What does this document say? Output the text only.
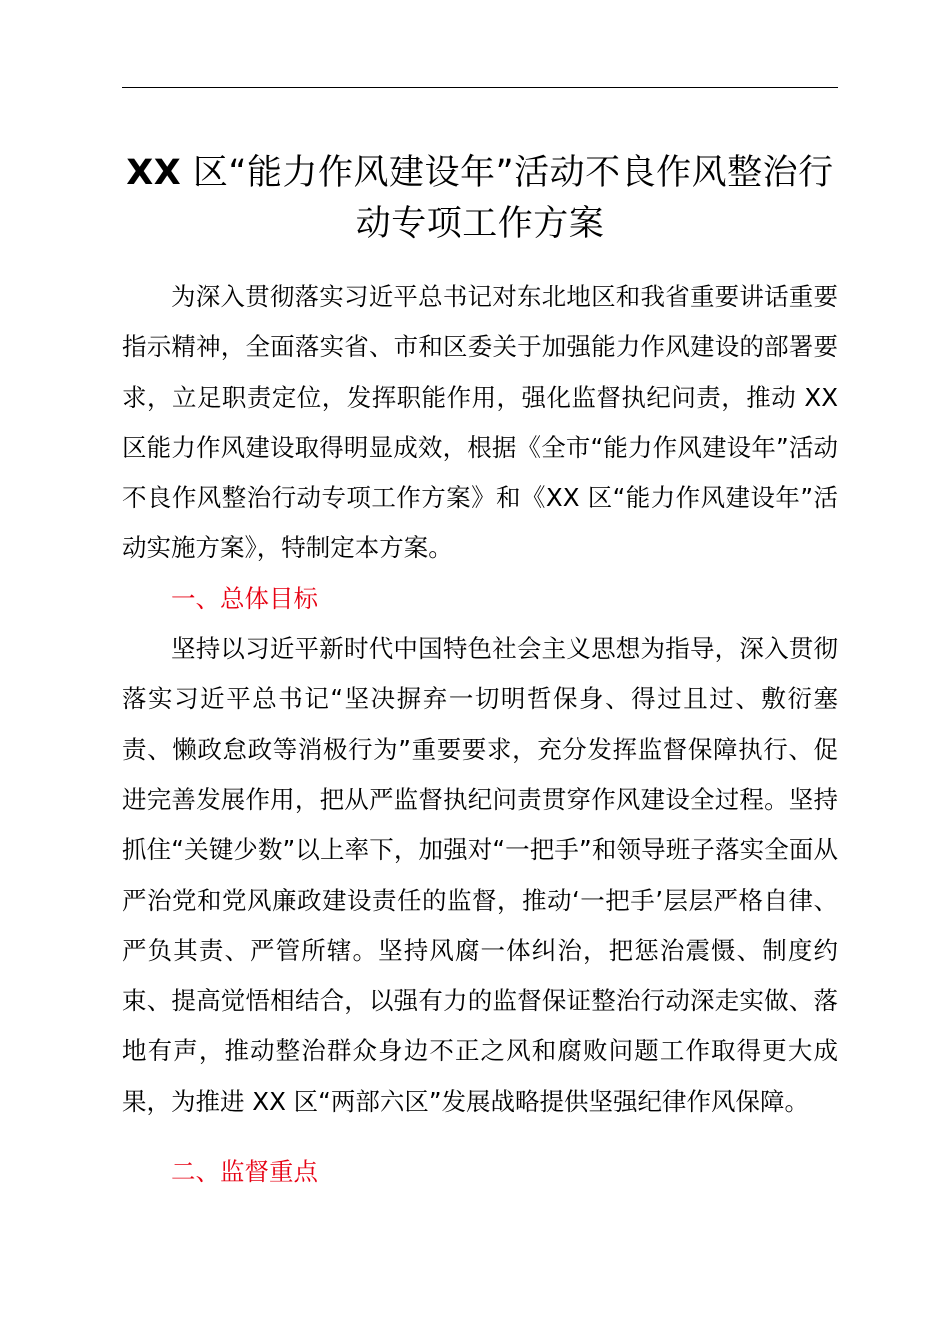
XX 区“能力作风建设年”活动不良作风整治行动专项工作方案

为深入贯彻落实习近平总书记对东北地区和我省重要讲话重要指示精神，全面落实省、市和区委关于加强能力作风建设的部署要求，立足职责定位，发挥职能作用，强化监督执纪问责，推动 XX 区能力作风建设取得明显成效，根据《全市“能力作风建设年”活动不良作风整治行动专项工作方案》和《XX 区“能力作风建设年”活动实施方案》，特制定本方案。

一、总体目标

坚持以习近平新时代中国特色社会主义思想为指导，深入贯彻落实习近平总书记“坚决摒弃一切明哲保身、得过且过、敷衍塞责、懒政怠政等消极行为”重要要求，充分发挥监督保障执行、促进完善发展作用，把从严监督执纪问责贯穿作风建设全过程。坚持抓住“关键少数”以上率下，加强对“一把手”和领导班子落实全面从严治党和党风廉政建设责任的监督，推动‘一把手’层层严格自律、严负其责、严管所辖。坚持风腐一体纠治，把惩治震慑、制度约束、提高觉悟相结合，以强有力的监督保证整治行动深走实做、落地有声，推动整治群众身边不正之风和腐败问题工作取得更大成果，为推进 XX 区“两部六区”发展战略提供坚强纪律作风保障。

二、监督重点
